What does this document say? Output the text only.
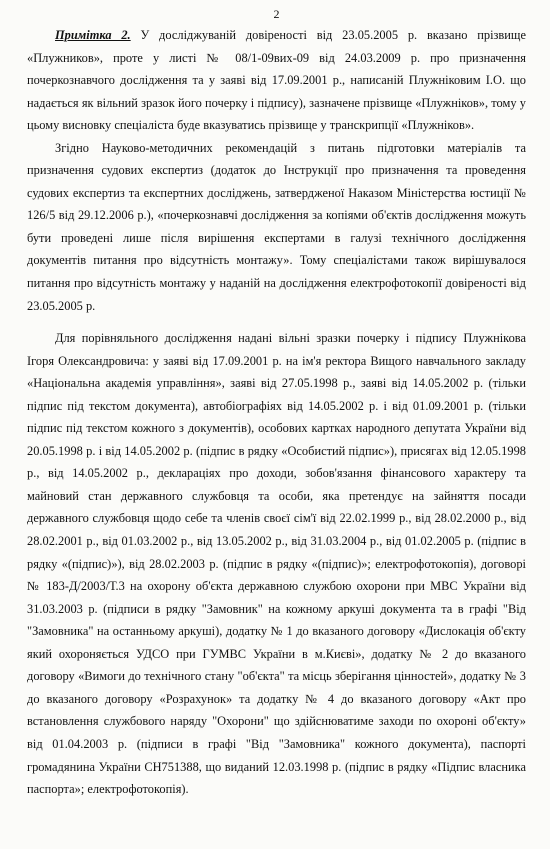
2

Примітка 2. У досліджуваній довіреності від 23.05.2005 р. вказано прізвище «Плужников», проте у листі № 08/1-09вих-09 від 24.03.2009 р. про призначення почеркознавчого дослідження та у заяві від 17.09.2001 р., написаній Плужніковим І.О. що надається як вільний зразок його почерку і підпису), зазначене прізвище «Плужніков», тому у цьому висновку спеціаліста буде вказуватись прізвище у транскрипції «Плужніков».

Згідно Науково-методичних рекомендацій з питань підготовки матеріалів та призначення судових експертиз (додаток до Інструкції про призначення та проведення судових експертиз та експертних досліджень, затвердженої Наказом Міністерства юстиції № 126/5 від 29.12.2006 р.), «почеркознавчі дослідження за копіями об'єктів дослідження можуть бути проведені лише після вирішення експертами в галузі технічного дослідження документів питання про відсутність монтажу». Тому спеціалістами також вирішувалося питання про відсутність монтажу у наданій на дослідження електрофотокопії довіреності від 23.05.2005 р.

Для порівняльного дослідження надані вільні зразки почерку і підпису Плужнікова Ігоря Олександровича: у заяві від 17.09.2001 р. на ім'я ректора Вищого навчального закладу «Національна академія управління», заяві від 27.05.1998 р., заяві від 14.05.2002 р. (тільки підпис під текстом документа), автобіографіях від 14.05.2002 р. і від 01.09.2001 р. (тільки підпис під текстом кожного з документів), особових картках народного депутата України від 20.05.1998 р. і від 14.05.2002 р. (підпис в рядку «Особистий підпис»), присягах від 12.05.1998 р., від 14.05.2002 р., деклараціях про доходи, зобов'язання фінансового характеру та майновий стан державного службовця та особи, яка претендує на зайняття посади державного службовця щодо себе та членів своєї сім'ї від 22.02.1999 р., від 28.02.2000 р., від 28.02.2001 р., від 01.03.2002 р., від 13.05.2002 р., від 31.03.2004 р., від 01.02.2005 р. (підпис в рядку «(підпис)»), від 28.02.2003 р. (підпис в рядку «(підпис)»; електрофотокопія), договорі № 183-Д/2003/Т.3 на охорону об'єкта державною службою охорони при МВС України від 31.03.2003 р. (підписи в рядку "Замовник" на кожному аркуші документа та в графі "Від "Замовника" на останньому аркуші), додатку № 1 до вказаного договору «Дислокація об'єкту який охороняється УДСО при ГУМВС України в м.Києві», додатку № 2 до вказаного договору «Вимоги до технічного стану "об'єкта" та місць зберігання цінностей», додатку № 3 до вказаного договору «Розрахунок» та додатку № 4 до вказаного договору «Акт про встановлення службового наряду "Охорони" що здійснюватиме заходи по охороні об'єкту» від 01.04.2003 р. (підписи в графі "Від "Замовника" кожного документа), паспорті громадянина України СН751388, що виданий 12.03.1998 р. (підпис в рядку «Підпис власника паспорта»; електрофотокопія).
